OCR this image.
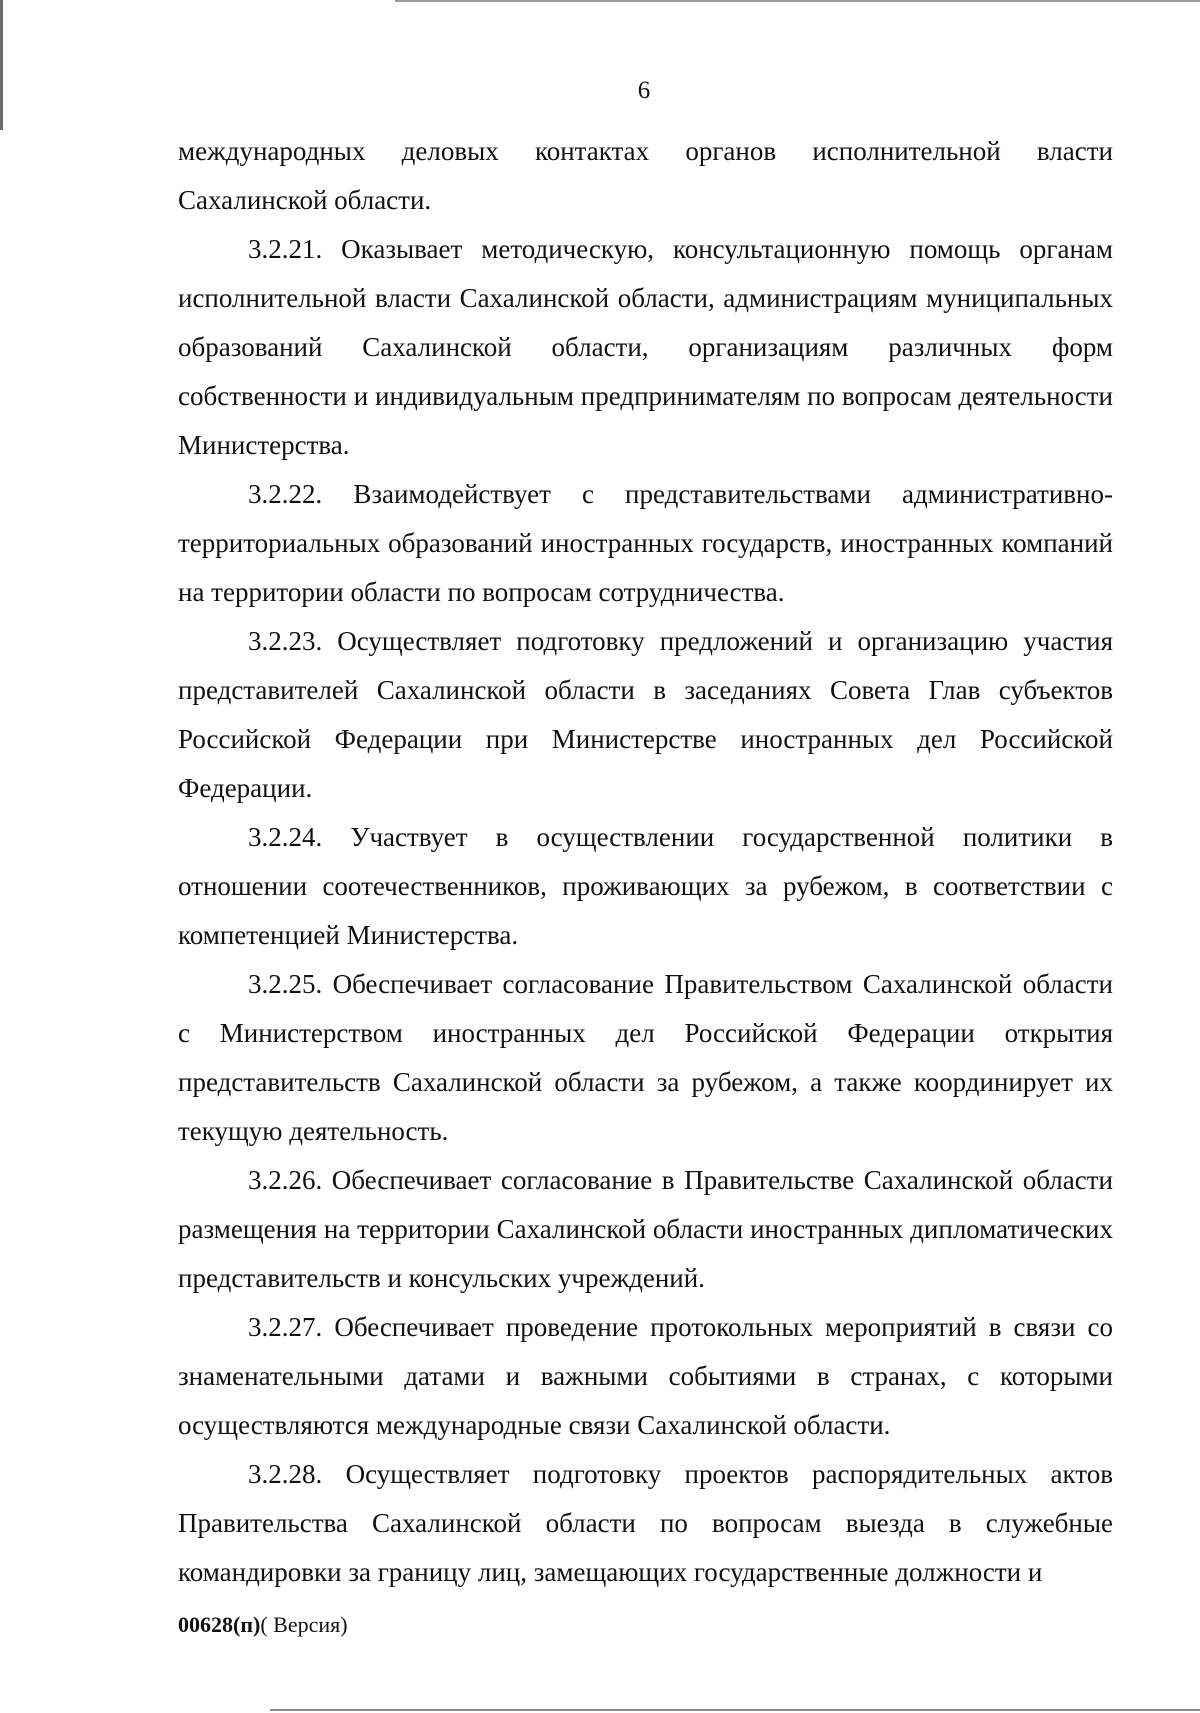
6

международных деловых контактах органов исполнительной власти Сахалинской области.

3.2.21. Оказывает методическую, консультационную помощь органам исполнительной власти Сахалинской области, администрациям муниципальных образований Сахалинской области, организациям различных форм собственности и индивидуальным предпринимателям по вопросам деятельности Министерства.

3.2.22. Взаимодействует с представительствами административно-территориальных образований иностранных государств, иностранных компаний на территории области по вопросам сотрудничества.

3.2.23. Осуществляет подготовку предложений и организацию участия представителей Сахалинской области в заседаниях Совета Глав субъектов Российской Федерации при Министерстве иностранных дел Российской Федерации.

3.2.24. Участвует в осуществлении государственной политики в отношении соотечественников, проживающих за рубежом, в соответствии с компетенцией Министерства.

3.2.25. Обеспечивает согласование Правительством Сахалинской области с Министерством иностранных дел Российской Федерации открытия представительств Сахалинской области за рубежом, а также координирует их текущую деятельность.

3.2.26. Обеспечивает согласование в Правительстве Сахалинской области размещения на территории Сахалинской области иностранных дипломатических представительств и консульских учреждений.

3.2.27. Обеспечивает проведение протокольных мероприятий в связи со знаменательными датами и важными событиями в странах, с которыми осуществляются международные связи Сахалинской области.

3.2.28. Осуществляет подготовку проектов распорядительных актов Правительства Сахалинской области по вопросам выезда в служебные командировки за границу лиц, замещающих государственные должности и

00628(п)( Версия)
